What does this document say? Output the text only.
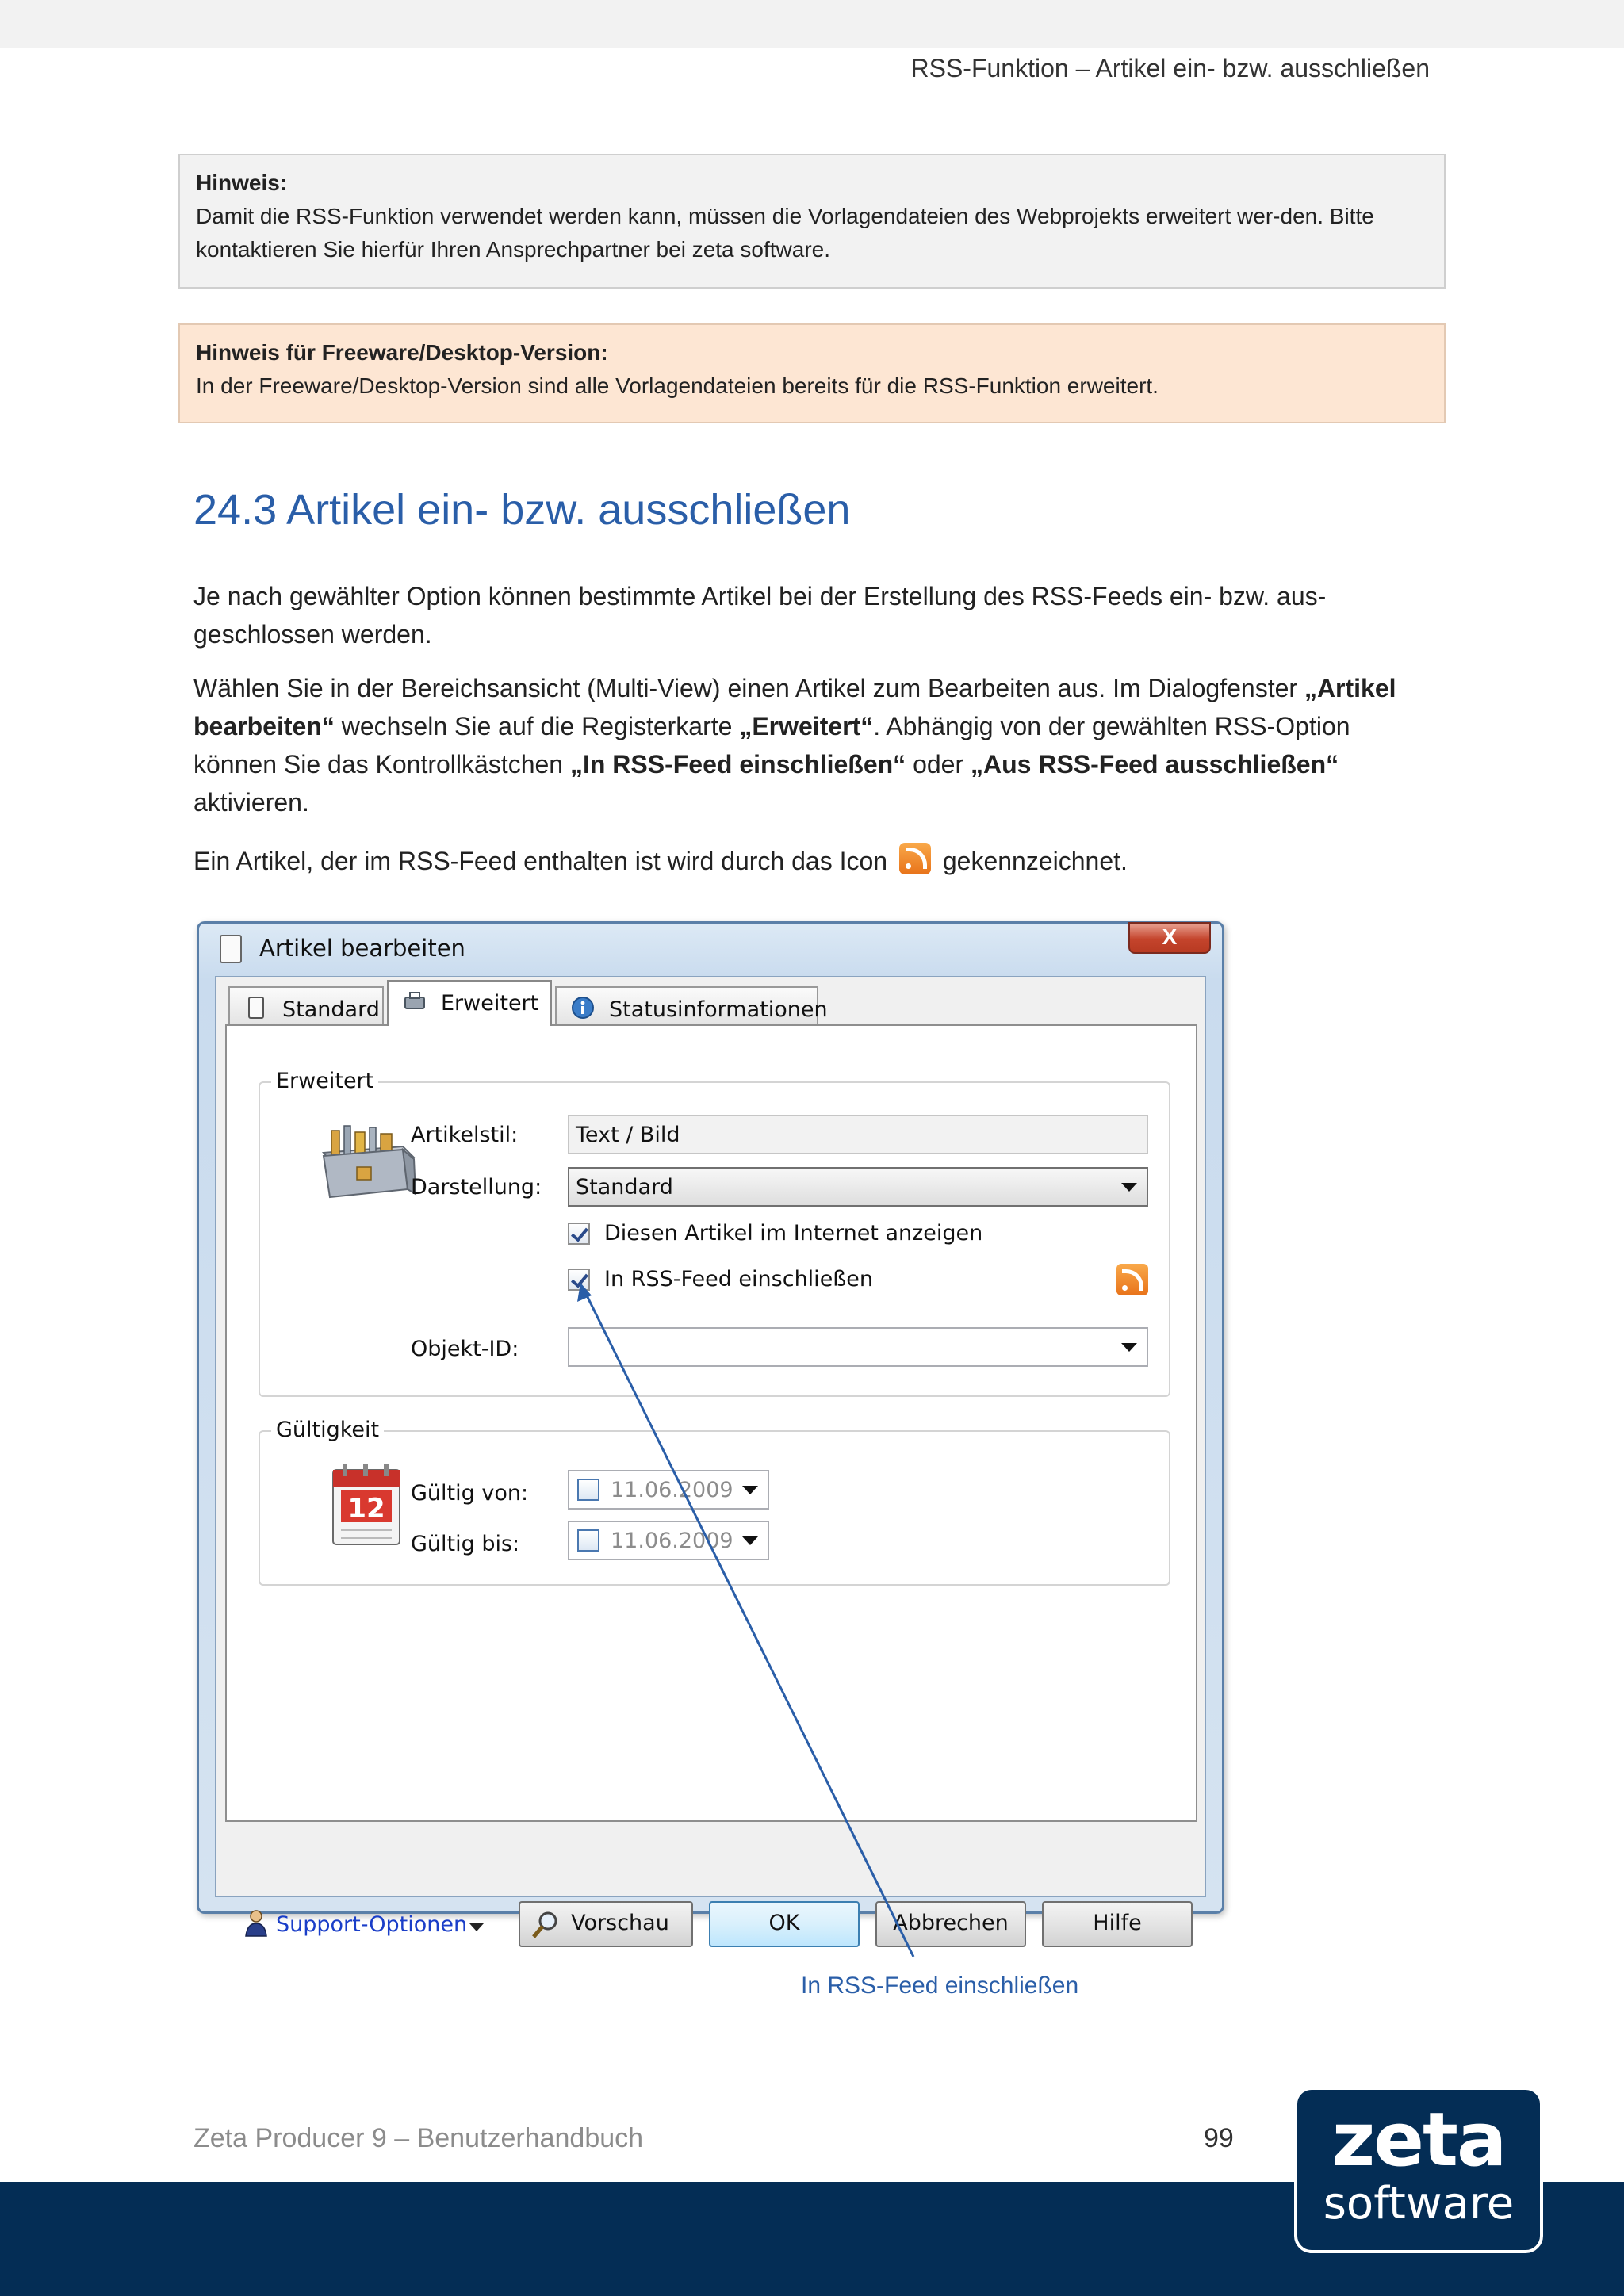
RSS-Funktion – Artikel ein- bzw. ausschließen
Hinweis:
Damit die RSS-Funktion verwendet werden kann, müssen die Vorlagendateien des Webprojekts erweitert wer-den. Bitte kontaktieren Sie hierfür Ihren Ansprechpartner bei zeta software.
Hinweis für Freeware/Desktop-Version:
In der Freeware/Desktop-Version sind alle Vorlagendateien bereits für die RSS-Funktion erweitert.
24.3 Artikel ein- bzw. ausschließen

Je nach gewählter Option können bestimmte Artikel bei der Erstellung des RSS-Feeds ein- bzw. aus-geschlossen werden.

Wählen Sie in der Bereichsansicht (Multi-View) einen Artikel zum Bearbeiten aus. Im Dialogfenster „Artikel bearbeiten“ wechseln Sie auf die Registerkarte „Erweitert“. Abhängig von der gewählten RSS-Option können Sie das Kontrollkästchen „In RSS-Feed einschließen“ oder „Aus RSS-Feed ausschließen“ aktivieren.

Ein Artikel, der im RSS-Feed enthalten ist wird durch das Icon gekennzeichnet.

Artikel bearbeiten	X
Standard	Erweitert	Statusinformationen
Erweitert
Artikelstil:	Text / Bild
Darstellung:	Standard
Diesen Artikel im Internet anzeigen
In RSS-Feed einschließen
Objekt-ID:
Gültigkeit
12 Gültig von:	11.06.2009
Gültig bis:	11.06.2009
Support-Optionen	Vorschau	OK	Abbrechen	Hilfe
In RSS-Feed einschließen
Zeta Producer 9 – Benutzerhandbuch	99	zeta
software
